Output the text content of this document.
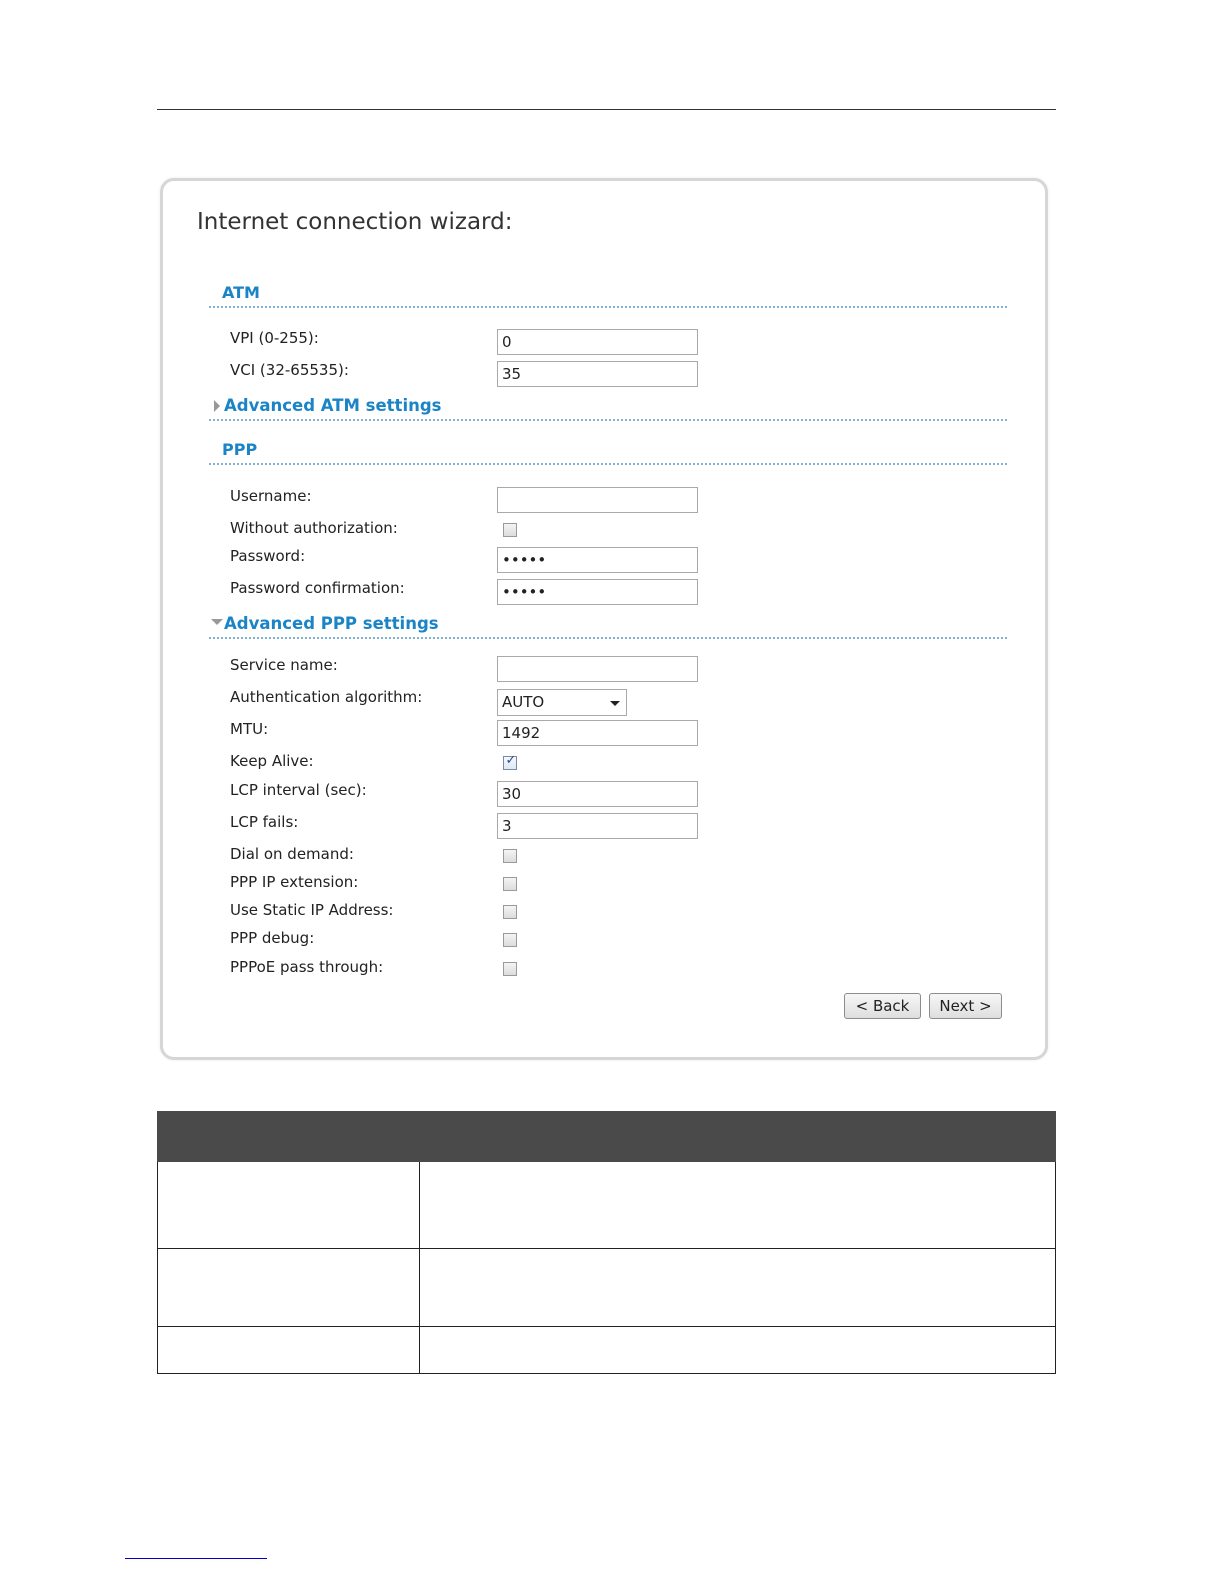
Internet connection wizard:
ATM
VPI (0-255):
0
VCI (32-65535):
35
Advanced ATM settings
PPP
Username:
Without authorization:
Password:
•••••
Password confirmation:
•••••
Advanced PPP settings
Service name:
Authentication algorithm:	AUTO
MTU:
1492
Keep Alive:	✓
LCP interval (sec):
30
LCP fails:
3
Dial on demand:
PPP IP extension:
Use Static IP Address:
PPP debug:
PPPoE pass through:
< Back	Next >
